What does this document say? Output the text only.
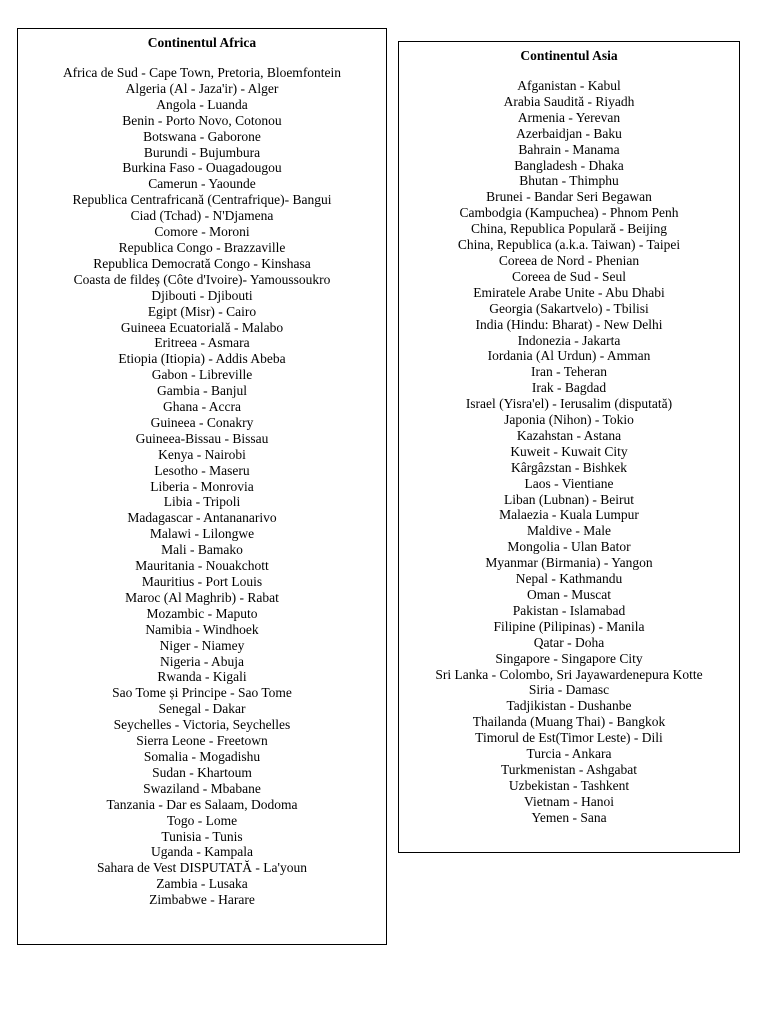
Continentul Africa
Africa de Sud - Cape Town, Pretoria, Bloemfontein
Algeria (Al - Jaza'ir) - Alger
Angola - Luanda
Benin - Porto Novo, Cotonou
Botswana - Gaborone
Burundi - Bujumbura
Burkina Faso - Ouagadougou
Camerun - Yaounde
Republica Centrafricană (Centrafrique)- Bangui
Ciad (Tchad) - N'Djamena
Comore - Moroni
Republica Congo - Brazzaville
Republica Democrată Congo - Kinshasa
Coasta de fildeș (Côte d'Ivoire)- Yamoussoukro
Djibouti - Djibouti
Egipt (Misr) - Cairo
Guineea Ecuatorială - Malabo
Eritreea - Asmara
Etiopia (Itiopia) - Addis Abeba
Gabon - Libreville
Gambia - Banjul
Ghana - Accra
Guineea - Conakry
Guineea-Bissau - Bissau
Kenya - Nairobi
Lesotho - Maseru
Liberia - Monrovia
Libia - Tripoli
Madagascar - Antananarivo
Malawi - Lilongwe
Mali - Bamako
Mauritania - Nouakchott
Mauritius - Port Louis
Maroc (Al Maghrib) - Rabat
Mozambic - Maputo
Namibia - Windhoek
Niger - Niamey
Nigeria - Abuja
Rwanda - Kigali
Sao Tome și Principe - Sao Tome
Senegal - Dakar
Seychelles - Victoria, Seychelles
Sierra Leone - Freetown
Somalia - Mogadishu
Sudan - Khartoum
Swaziland - Mbabane
Tanzania - Dar es Salaam, Dodoma
Togo - Lome
Tunisia - Tunis
Uganda - Kampala
Sahara de Vest DISPUTATĂ - La'youn
Zambia - Lusaka
Zimbabwe - Harare
Continentul Asia
Afganistan - Kabul
Arabia Saudită - Riyadh
Armenia - Yerevan
Azerbaidjan - Baku
Bahrain - Manama
Bangladesh - Dhaka
Bhutan - Thimphu
Brunei - Bandar Seri Begawan
Cambodgia (Kampuchea) - Phnom Penh
China, Republica Populară - Beijing
China, Republica (a.k.a. Taiwan) - Taipei
Coreea de Nord - Phenian
Coreea de Sud - Seul
Emiratele Arabe Unite - Abu Dhabi
Georgia (Sakartvelo) - Tbilisi
India (Hindu: Bharat) - New Delhi
Indonezia - Jakarta
Iordania (Al Urdun) - Amman
Iran - Teheran
Irak - Bagdad
Israel (Yisra'el) - Ierusalim (disputată)
Japonia (Nihon) - Tokio
Kazahstan - Astana
Kuweit - Kuwait City
Kârgâzstan - Bishkek
Laos - Vientiane
Liban (Lubnan) - Beirut
Malaezia - Kuala Lumpur
Maldive - Male
Mongolia - Ulan Bator
Myanmar (Birmania) - Yangon
Nepal - Kathmandu
Oman - Muscat
Pakistan - Islamabad
Filipine (Pilipinas) - Manila
Qatar - Doha
Singapore - Singapore City
Sri Lanka - Colombo, Sri Jayawardenepura Kotte
Siria - Damasc
Tadjikistan - Dushanbe
Thailanda (Muang Thai) - Bangkok
Timorul de Est(Timor Leste) - Dili
Turcia - Ankara
Turkmenistan - Ashgabat
Uzbekistan - Tashkent
Vietnam - Hanoi
Yemen - Sana
